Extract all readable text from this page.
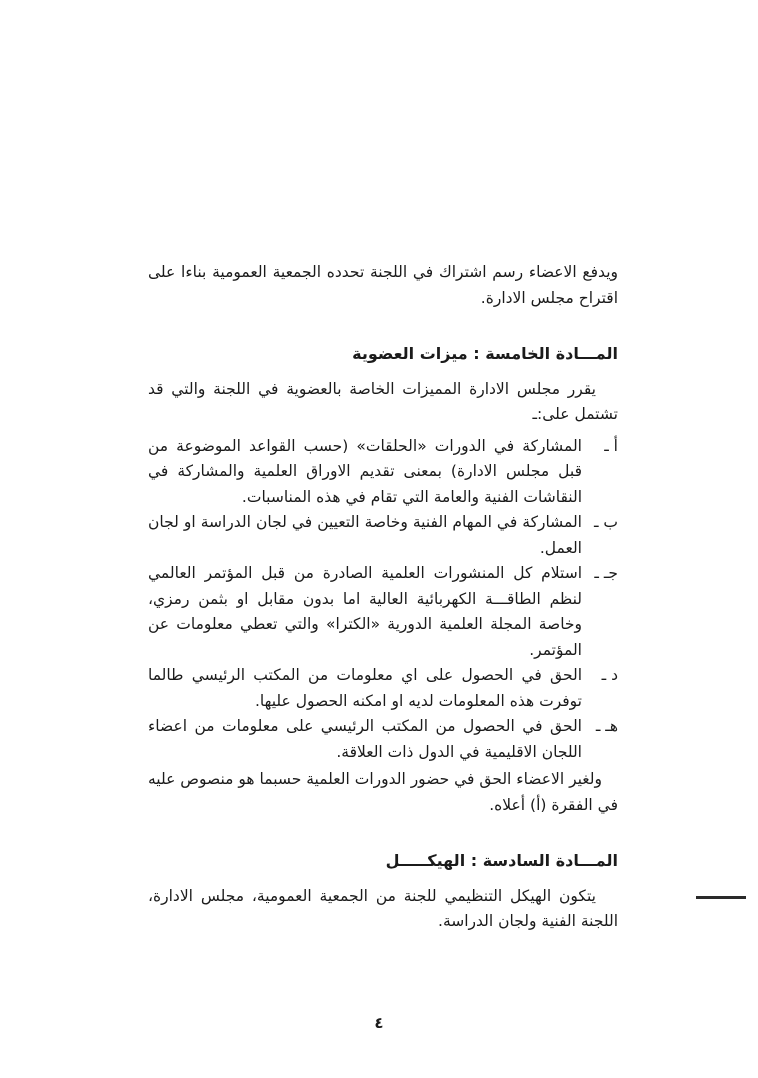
ويدفع الاعضاء رسم اشتراك في اللجنة تحدده الجمعية العمومية بناءا على اقتراح مجلس الادارة.

المـــادة الخامسة : ميزات العضوية

يقرر مجلس الادارة المميزات الخاصة بالعضوية في اللجنة والتي قد تشتمل على:ـ

أ ـ
المشاركة في الدورات «الحلقات» (حسب القواعد الموضوعة من قبل مجلس الادارة) بمعنى تقديم الاوراق العلمية والمشاركة في النقاشات الفنية والعامة التي تقام في هذه المناسبات.
ب ـ
المشاركة في المهام الفنية وخاصة التعيين في لجان الدراسة او لجان العمل.
جـ ـ
استلام كل المنشورات العلمية الصادرة من قبل المؤتمر العالمي لنظم الطاقـــة الكهربائية العالية اما بدون مقابل او بثمن رمزي، وخاصة المجلة العلمية الدورية «الكترا» والتي تعطي معلومات عن المؤتمر.
د ـ
الحق في الحصول على اي معلومات من المكتب الرئيسي طالما توفرت هذه المعلومات لديه او امكنه الحصول عليها.
هـ ـ
الحق في الحصول من المكتب الرئيسي على معلومات من اعضاء اللجان الاقليمية في الدول ذات العلاقة.

ولغير الاعضاء الحق في حضور الدورات العلمية حسبما هو منصوص عليه في الفقرة (أ) أعلاه.

المـــادة السادسة : الهيكـــــل

يتكون الهيكل التنظيمي للجنة من الجمعية العمومية، مجلس الادارة، اللجنة الفنية ولجان الدراسة.

٤
